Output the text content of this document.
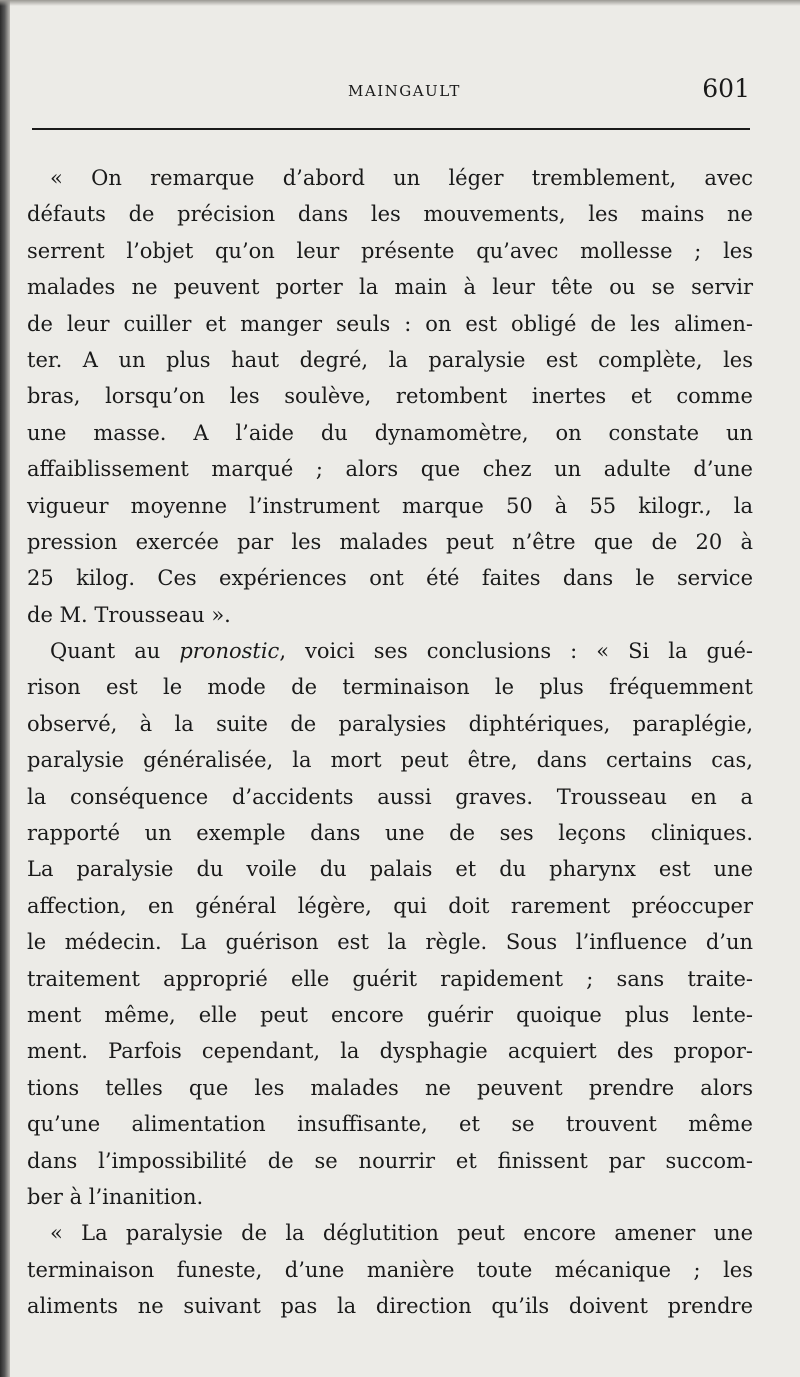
MAINGAULT	601
« On remarque d’abord un léger tremblement, avec
défauts de précision dans les mouvements, les mains ne
serrent l’objet qu’on leur présente qu’avec mollesse ; les
malades ne peuvent porter la main à leur tête ou se servir
de leur cuiller et manger seuls : on est obligé de les alimen-
ter. A un plus haut degré, la paralysie est complète, les
bras, lorsqu’on les soulève, retombent inertes et comme
une masse. A l’aide du dynamomètre, on constate un
affaiblissement marqué ; alors que chez un adulte d’une
vigueur moyenne l’instrument marque 50 à 55 kilogr., la
pression exercée par les malades peut n’être que de 20 à
25 kilog. Ces expériences ont été faites dans le service
de M. Trousseau ».
Quant au pronostic, voici ses conclusions : « Si la gué-
rison est le mode de terminaison le plus fréquemment
observé, à la suite de paralysies diphtériques, paraplégie,
paralysie généralisée, la mort peut être, dans certains cas,
la conséquence d’accidents aussi graves. Trousseau en a
rapporté un exemple dans une de ses leçons cliniques.
La paralysie du voile du palais et du pharynx est une
affection, en général légère, qui doit rarement préoccuper
le médecin. La guérison est la règle. Sous l’influence d’un
traitement approprié elle guérit rapidement ; sans traite-
ment même, elle peut encore guérir quoique plus lente-
ment. Parfois cependant, la dysphagie acquiert des propor-
tions telles que les malades ne peuvent prendre alors
qu’une alimentation insuffisante, et se trouvent même
dans l’impossibilité de se nourrir et finissent par succom-
ber à l’inanition.
« La paralysie de la déglutition peut encore amener une
terminaison funeste, d’une manière toute mécanique ; les
aliments ne suivant pas la direction qu’ils doivent prendre
